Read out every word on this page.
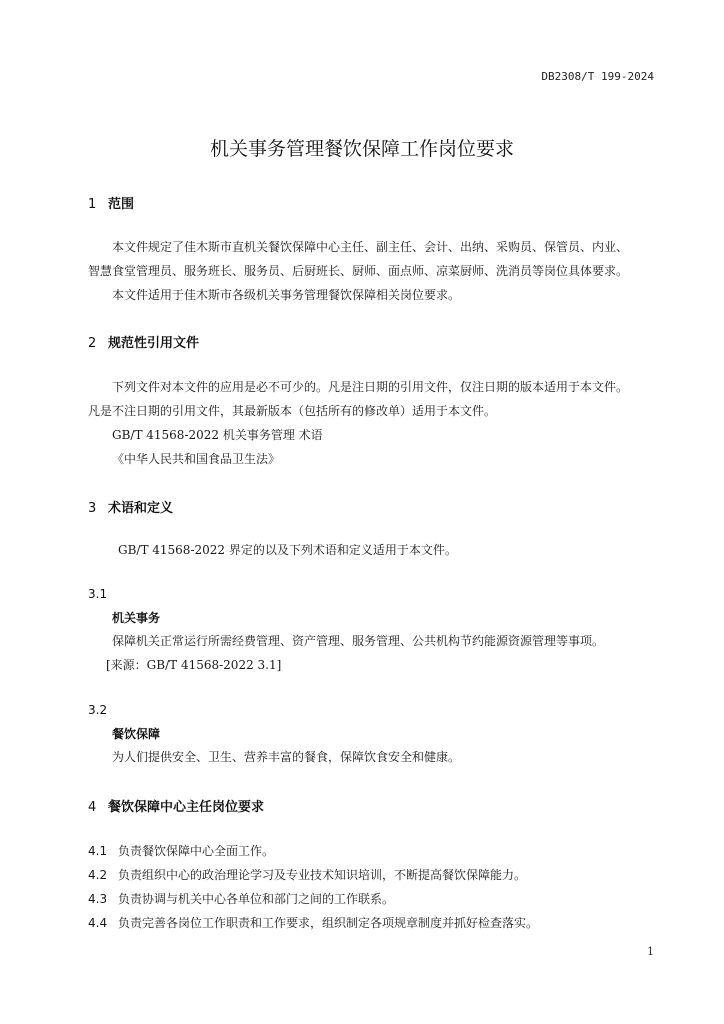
DB2308/T 199-2024
机关事务管理餐饮保障工作岗位要求
1 范围
本文件规定了佳木斯市直机关餐饮保障中心主任、副主任、会计、出纳、采购员、保管员、内业、
智慧食堂管理员、服务班长、服务员、后厨班长、厨师、面点师、凉菜厨师、洗消员等岗位具体要求。
本文件适用于佳木斯市各级机关事务管理餐饮保障相关岗位要求。
2 规范性引用文件
下列文件对本文件的应用是必不可少的。凡是注日期的引用文件，仅注日期的版本适用于本文件。
凡是不注日期的引用文件，其最新版本（包括所有的修改单）适用于本文件。
GB/T 41568-2022 机关事务管理 术语
《中华人民共和国食品卫生法》
3 术语和定义
GB/T 41568-2022 界定的以及下列术语和定义适用于本文件。
3.1
机关事务
保障机关正常运行所需经费管理、资产管理、服务管理、公共机构节约能源资源管理等事项。
[来源：GB/T 41568-2022 3.1]
3.2
餐饮保障
为人们提供安全、卫生、营养丰富的餐食，保障饮食安全和健康。
4 餐饮保障中心主任岗位要求
4.1 负责餐饮保障中心全面工作。
4.2 负责组织中心的政治理论学习及专业技术知识培训，不断提高餐饮保障能力。
4.3 负责协调与机关中心各单位和部门之间的工作联系。
4.4 负责完善各岗位工作职责和工作要求，组织制定各项规章制度并抓好检查落实。
1
